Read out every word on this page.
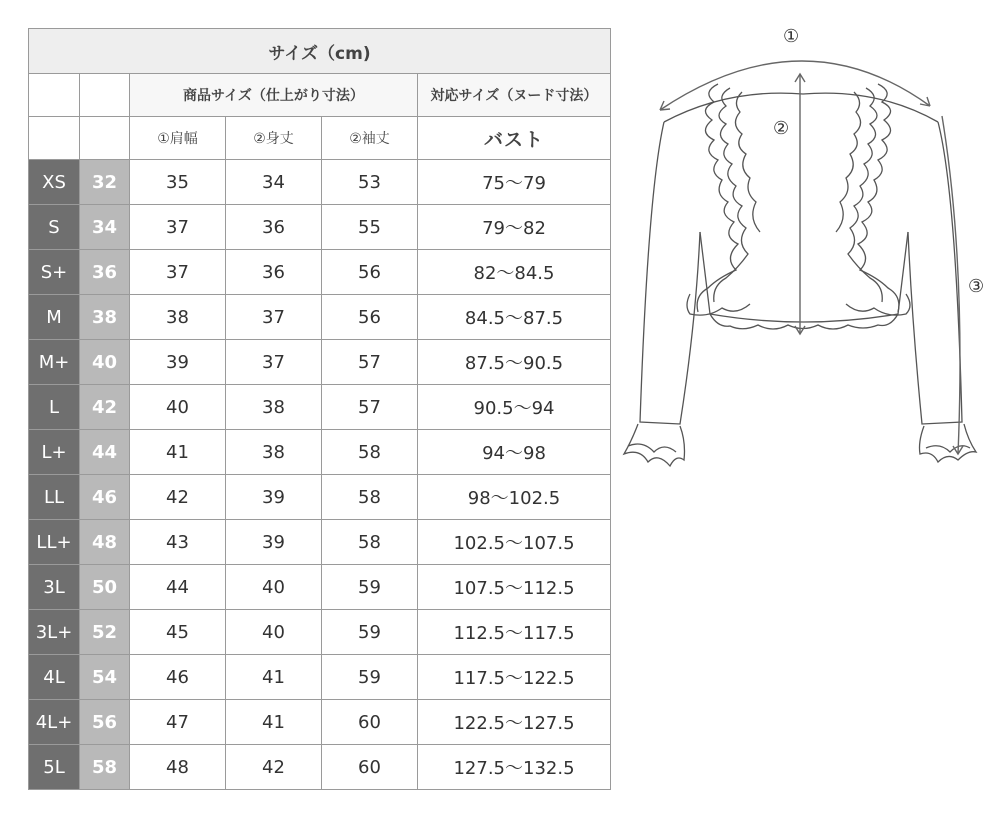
サイズ（cm)					
		商品サイズ（仕上がり寸法）			対応サイズ（ヌード寸法）
		①肩幅	②身丈	②袖丈	バスト
XS	32	35	34	53	75～79
S	34	37	36	55	79～82
S+	36	37	36	56	82～84.5
M	38	38	37	56	84.5～87.5
M+	40	39	37	57	87.5～90.5
L	42	40	38	57	90.5～94
L+	44	41	38	58	94～98
LL	46	42	39	58	98～102.5
LL+	48	43	39	58	102.5～107.5
3L	50	44	40	59	107.5～112.5
3L+	52	45	40	59	112.5～117.5
4L	54	46	41	59	117.5～122.5
4L+	56	47	41	60	122.5～127.5
5L	58	48	42	60	127.5～132.5
①
②
③
